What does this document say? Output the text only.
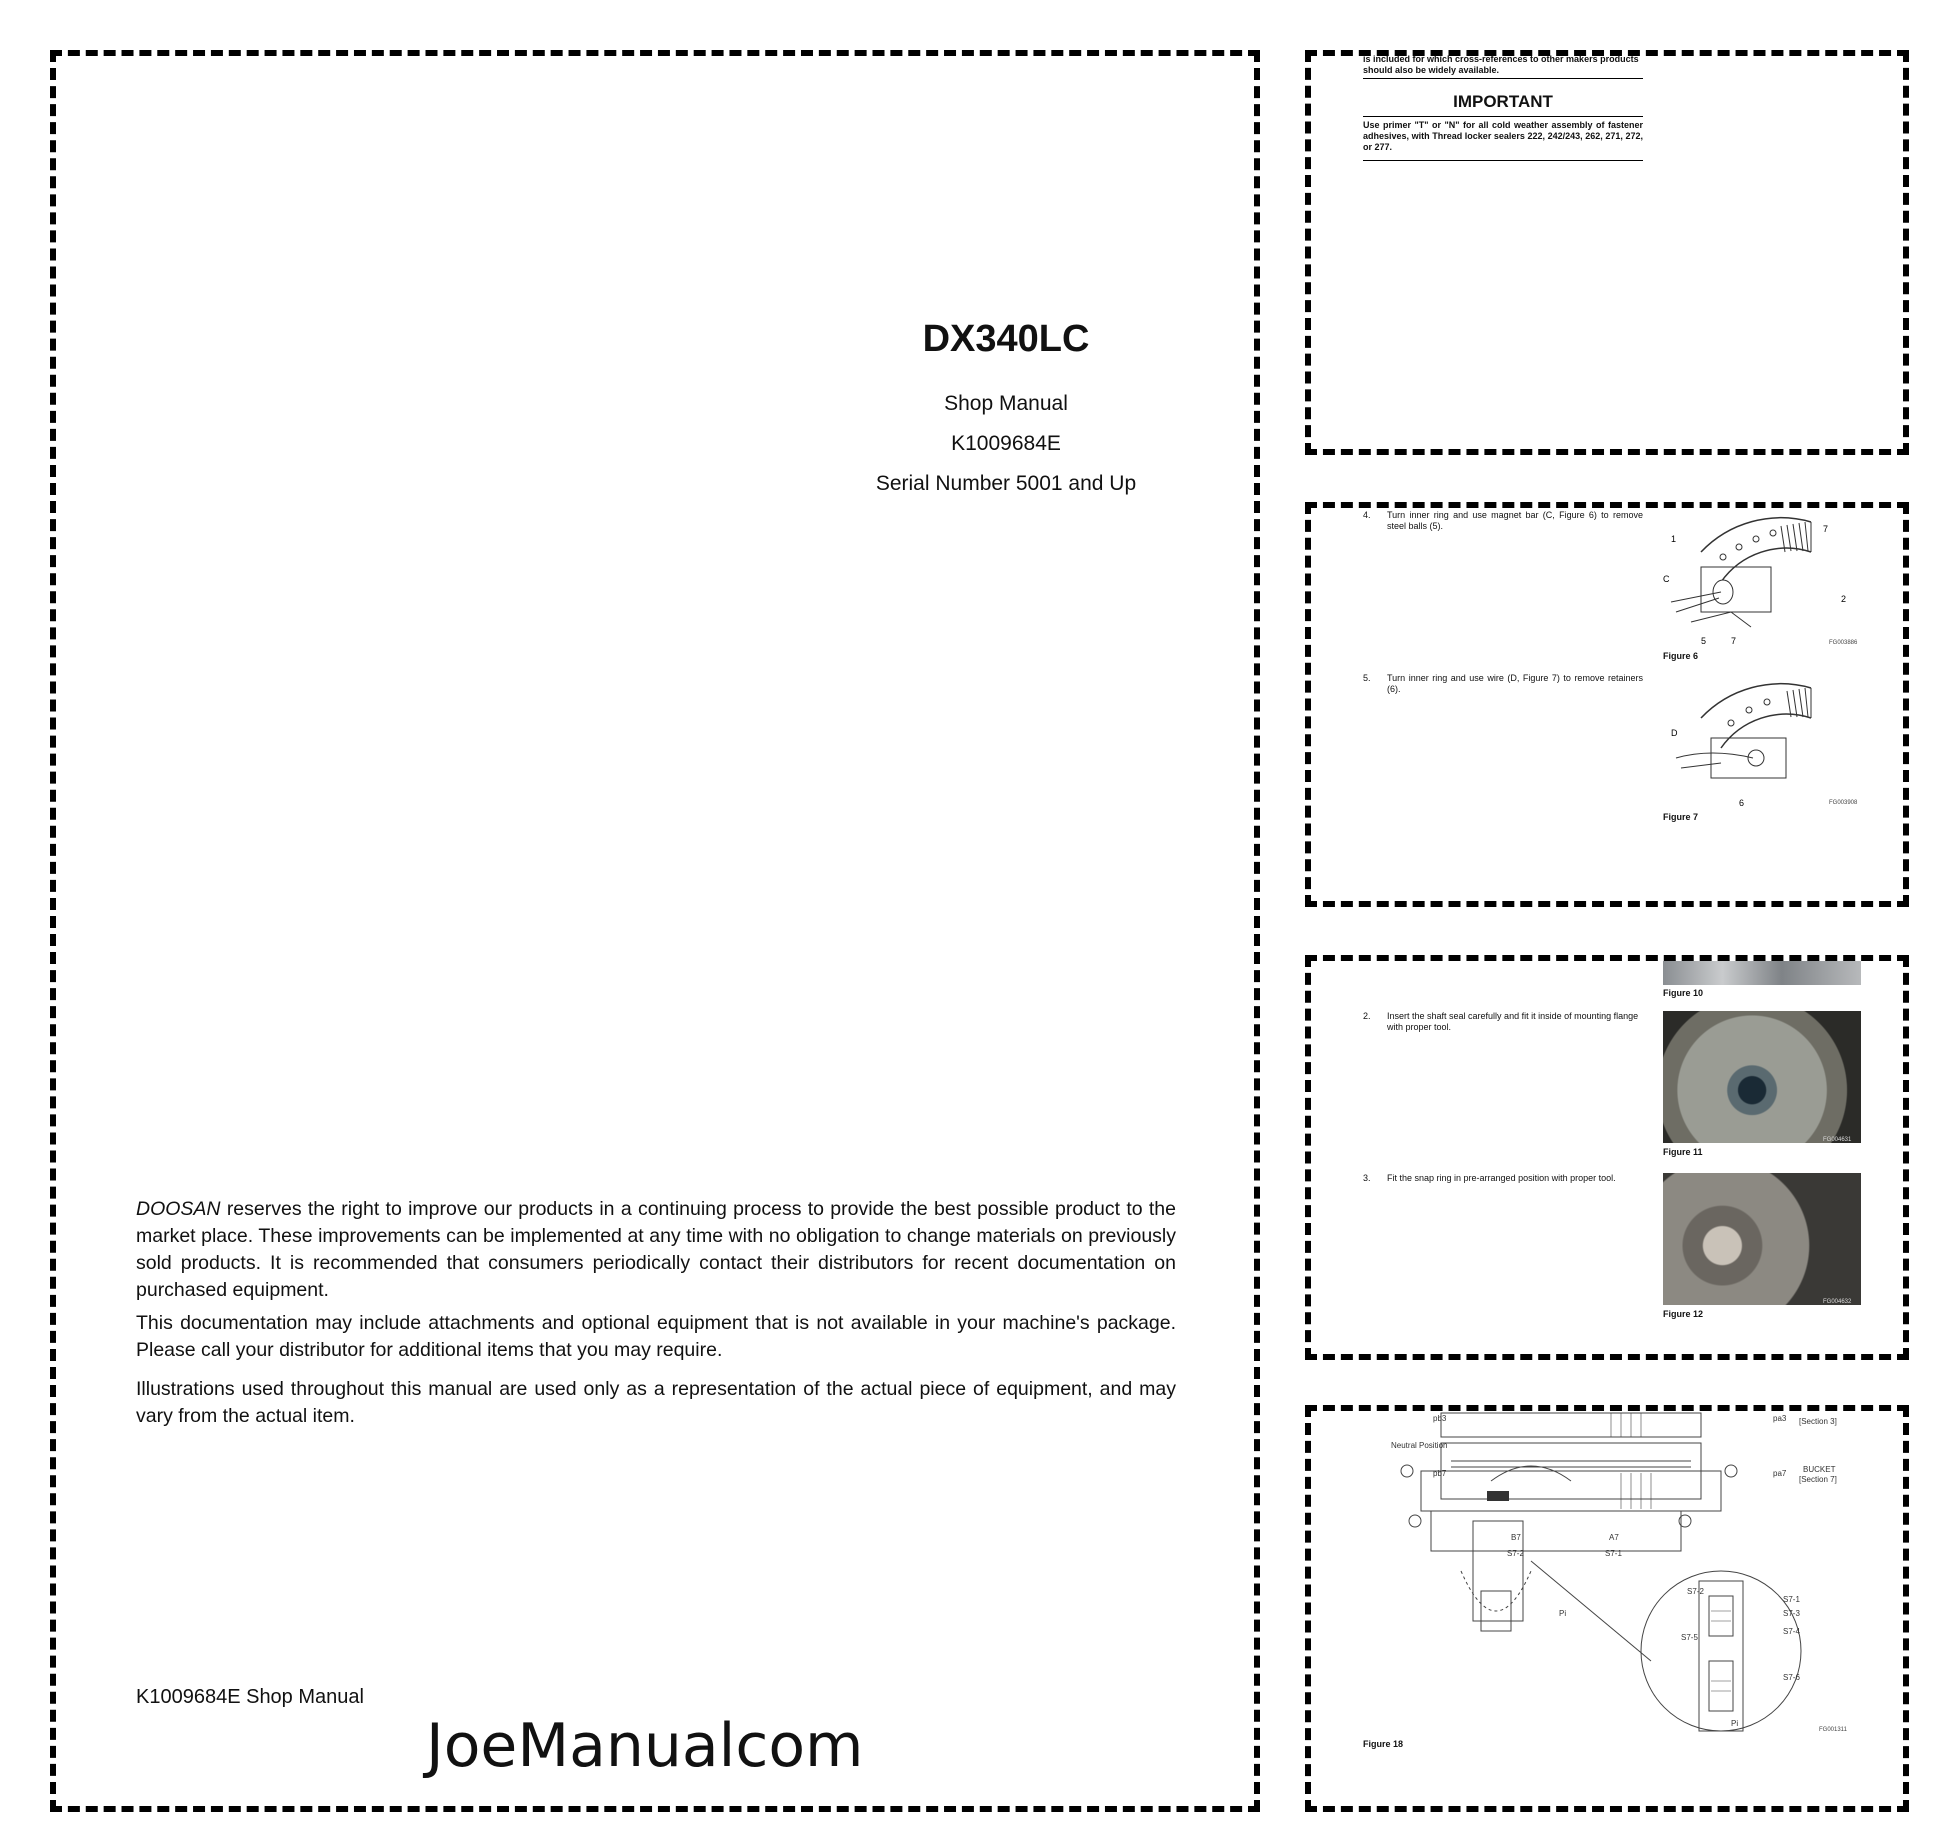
DX340LC
Shop Manual
K1009684E
Serial Number 5001 and Up
DOOSAN reserves the right to improve our products in a continuing process to provide the best possible product to the market place. These improvements can be implemented at any time with no obligation to change materials on previously sold products. It is recommended that consumers periodically contact their distributors for recent documentation on purchased equipment.
This documentation may include attachments and optional equipment that is not available in your machine's package. Please call your distributor for additional items that you may require.
Illustrations used throughout this manual are used only as a representation of the actual piece of equipment, and may vary from the actual item.
K1009684E Shop Manual
JoeManualcom
is included for which cross-references to other makers products should also be widely available.
IMPORTANT
Use primer "T" or "N" for all cold weather assembly of fastener adhesives, with Thread locker sealers 222, 242/243, 262, 271, 272, or 277.
4. Turn inner ring and use magnet bar (C, Figure 6) to remove steel balls (5).
1
7
C
2
5	7	FG003886
Figure 6
5. Turn inner ring and use wire (D, Figure 7) to remove retainers (6).
D
6	FG003908
Figure 7
Figure 10
2. Insert the shaft seal carefully and fit it inside of mounting flange with proper tool.
FG004631
Figure 11
3. Fit the snap ring in pre-arranged position with proper tool.
FG004632
Figure 12
pb3	pa3 [Section 3]
Neutral Position
pb7	pa7 BUCKET
[Section 7]
B7	A7
S7-2	S7-1
Pi
S7-2
S7-1
S7-3
S7-4
S7-5
S7-6
Pi
Figure 18
FG001311
